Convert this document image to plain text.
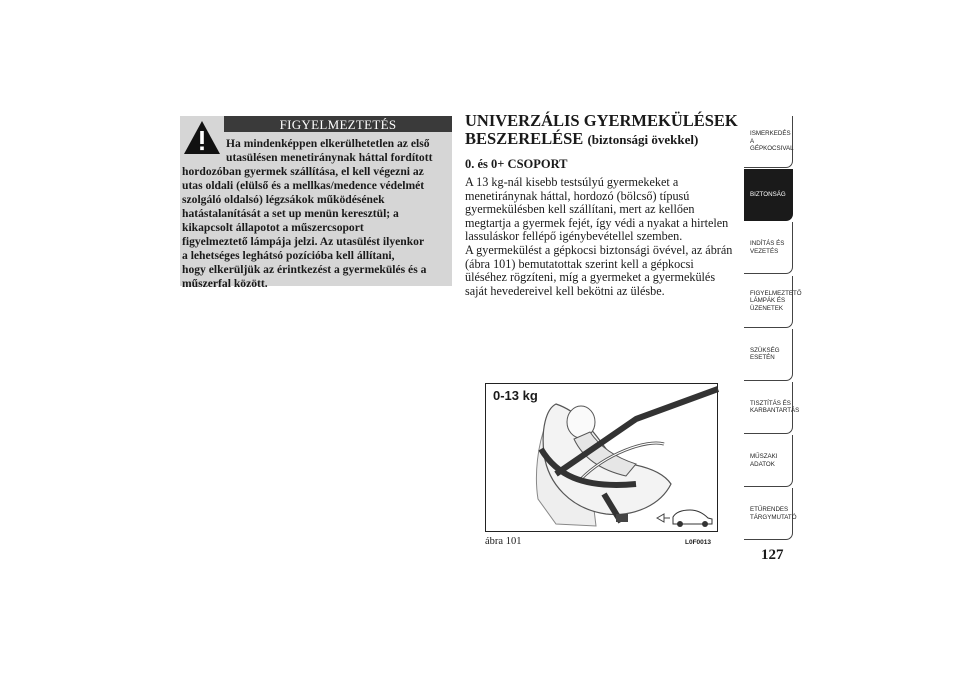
FIGYELMEZTETÉS
Ha mindenképpen elkerülhetetlen az első
utasülésen menetiránynak háttal fordított
hordozóban gyermek szállítása, el kell végezni az
utas oldali (elülső és a mellkas/medence védelmét
szolgáló oldalsó) légzsákok működésének
hatástalanítását a set up menün keresztül; a
kikapcsolt állapotot a műszercsoport
figyelmeztető lámpája jelzi. Az utasülést ilyenkor
a lehetséges leghátsó pozícióba kell állítani,
hogy elkerüljük az érintkezést a gyermekülés és a
műszerfal között.
UNIVERZÁLIS GYERMEKÜLÉSEK
BESZERELÉSE (biztonsági övekkel)
0. és 0+ CSOPORT
A 13 kg-nál kisebb testsúlyú gyermekeket a
menetiránynak háttal, hordozó (bölcső) típusú
gyermekülésben kell szállítani, mert az kellően
megtartja a gyermek fejét, így védi a nyakat a hirtelen
lassuláskor fellépő igénybevétellel szemben.
A gyermekülést a gépkocsi biztonsági övével, az ábrán
(ábra 101) bemutatottak szerint kell a gépkocsi
üléséhez rögzíteni, míg a gyermeket a gyermekülés
saját hevedereivel kell bekötni az ülésbe.
0-13 kg
ábra 101	L0F0013
ISMERKEDÉS A
GÉPKOCSIVAL
BIZTONSÁG
INDÍTÁS ÉS
VEZETÉS
FIGYELMEZTETŐ
LÁMPÁK ÉS
ÜZENETEK
SZÜKSÉG ESETÉN
TISZTÍTÁS ÉS
KARBANTARTÁS
MŰSZAKI ADATOK
ETŰRENDES
TÁRGYMUTATÓ
127
